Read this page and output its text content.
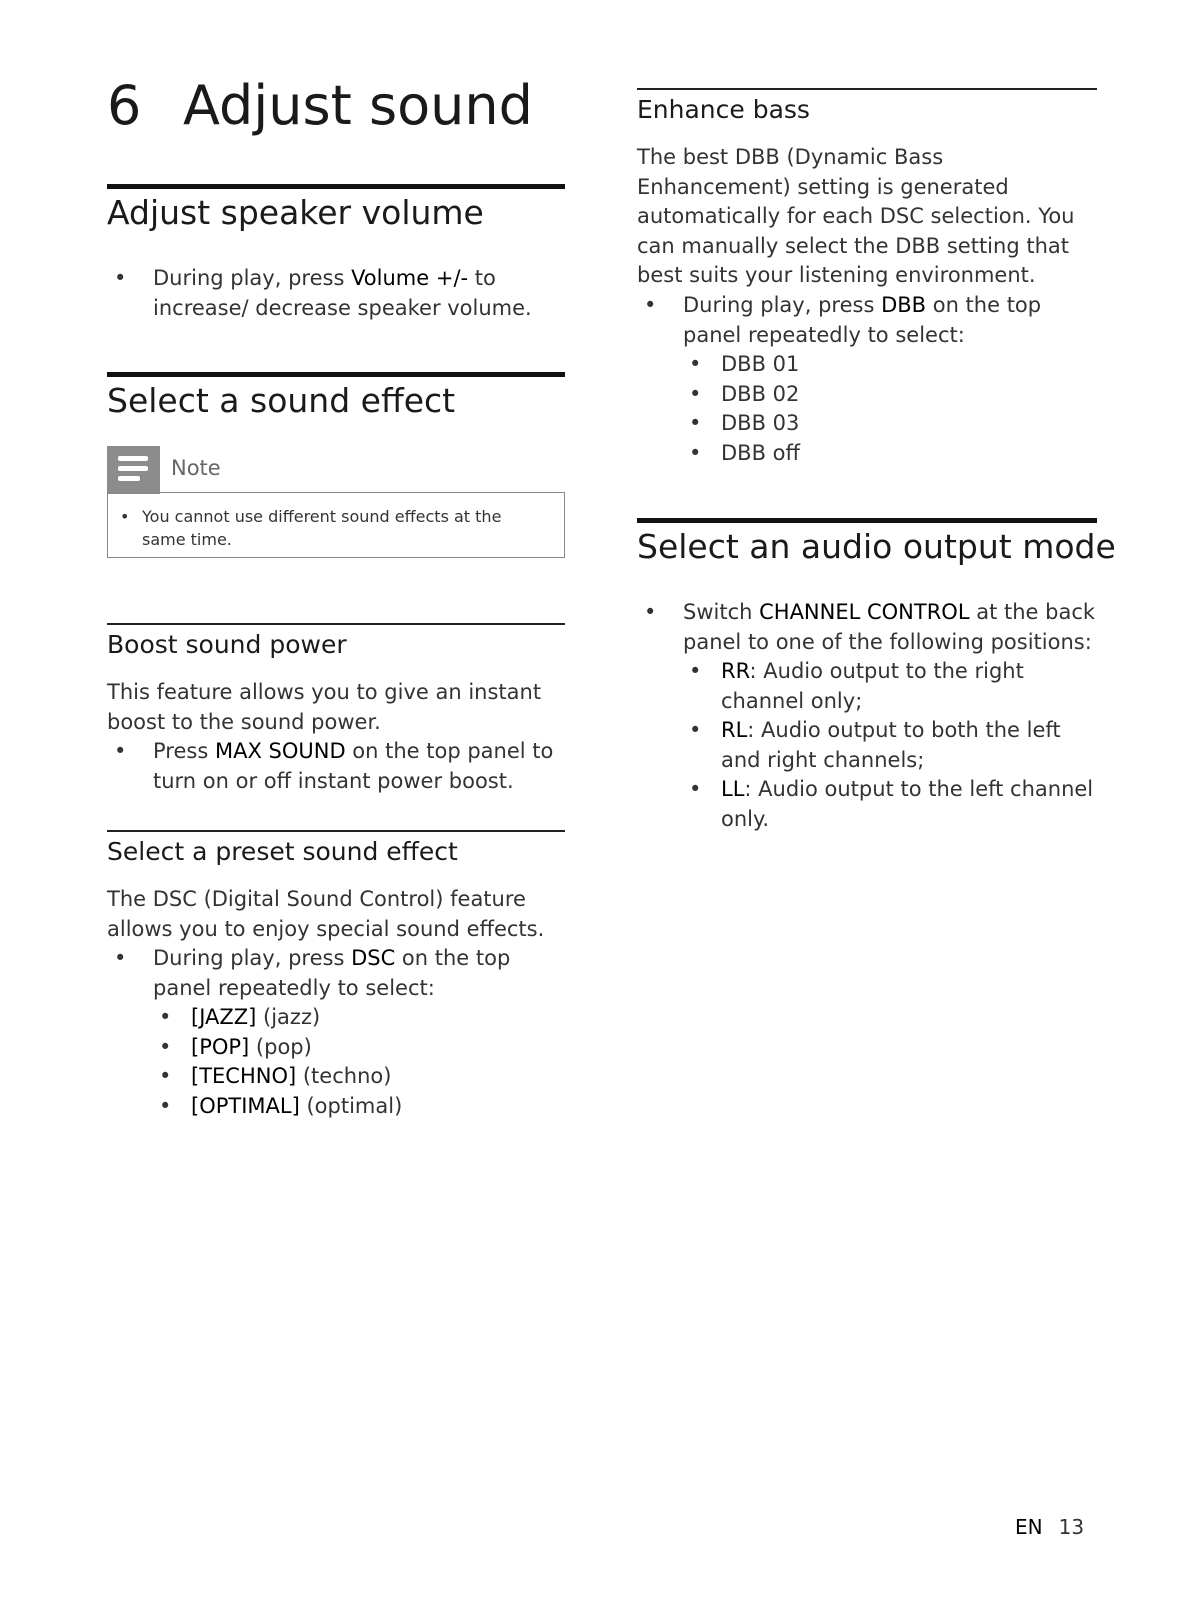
6 Adjust sound
Adjust speaker volume
• During play, press Volume +/- to increase/ decrease speaker volume.
Select a sound effect
Note
• You cannot use different sound effects at the same time.
Boost sound power

This feature allows you to give an instant boost to the sound power.

• Press MAX SOUND on the top panel to turn on or off instant power boost.
Select a preset sound effect

The DSC (Digital Sound Control) feature allows you to enjoy special sound effects.

• During play, press DSC on the top panel repeatedly to select:
• [JAZZ] (jazz)
• [POP] (pop)
• [TECHNO] (techno)
• [OPTIMAL] (optimal)
Enhance bass

The best DBB (Dynamic Bass Enhancement) setting is generated automatically for each DSC selection. You can manually select the DBB setting that best suits your listening environment.

• During play, press DBB on the top panel repeatedly to select:
• DBB 01
• DBB 02
• DBB 03
• DBB off
Select an audio output mode
• Switch CHANNEL CONTROL at the back panel to one of the following positions:
• RR: Audio output to the right channel only;
• RL: Audio output to both the left and right channels;
• LL: Audio output to the left channel only.
EN 13
